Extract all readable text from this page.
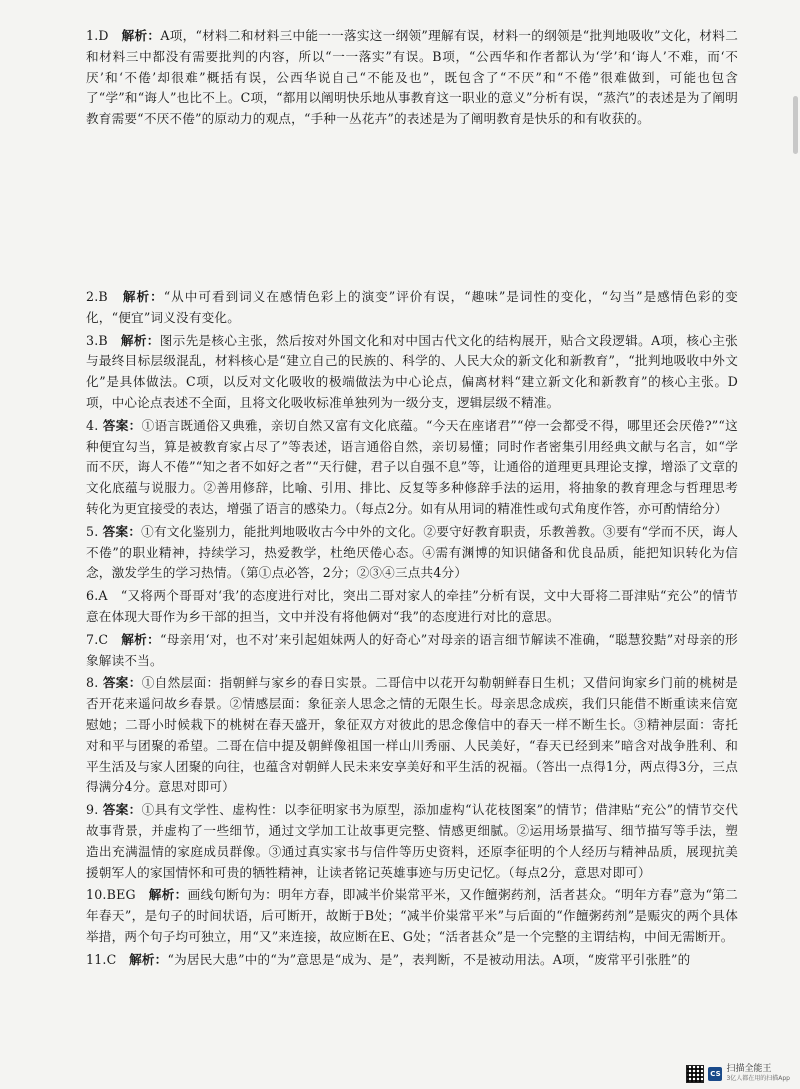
1.D 解析：A项，“材料二和材料三中能一一落实这一纲领”理解有误，材料一的纲领是“批判地吸收”文化，材料二和材料三中都没有需要批判的内容，所以“一一落实”有误。B项，“公西华和作者都认为‘学’和‘诲人’不难，而‘不厌’和‘不倦’却很难”概括有误，公西华说自己“不能及也”，既包含了“不厌”和“不倦”很难做到，可能也包含了“学”和“诲人”也比不上。C项，“都用以阐明快乐地从事教育这一职业的意义”分析有误，“蒸汽”的表述是为了阐明教育需要“不厌不倦”的原动力的观点，“手种一丛花卉”的表述是为了阐明教育是快乐的和有收获的。
2.B 解析：“从中可看到词义在感情色彩上的演变”评价有误，“趣味”是词性的变化，“勾当”是感情色彩的变化，“便宜”词义没有变化。
3.B 解析：图示先是核心主张，然后按对外国文化和对中国古代文化的结构展开，贴合文段逻辑。A项，核心主张与最终目标层级混乱，材料核心是“建立自己的民族的、科学的、人民大众的新文化和新教育”，“批判地吸收中外文化”是具体做法。C项，以反对文化吸收的极端做法为中心论点，偏离材料“建立新文化和新教育”的核心主张。D项，中心论点表述不全面，且将文化吸收标准单独列为一级分支，逻辑层级不精准。
4. 答案：①语言既通俗又典雅，亲切自然又富有文化底蕴。“今天在座诸君”“停一会都受不得，哪里还会厌倦?”“这种便宜勾当，算是被教育家占尽了”等表述，语言通俗自然，亲切易懂；同时作者密集引用经典文献与名言，如“学而不厌，诲人不倦”“知之者不如好之者”“天行健，君子以自强不息”等，让通俗的道理更具理论支撑，增添了文章的文化底蕴与说服力。②善用修辞，比喻、引用、排比、反复等多种修辞手法的运用，将抽象的教育理念与哲理思考转化为更宜接受的表达，增强了语言的感染力。（每点2分。如有从用词的精准性或句式角度作答，亦可酌情给分）
5. 答案：①有文化鉴别力，能批判地吸收古今中外的文化。②要守好教育职责，乐教善教。③要有“学而不厌，诲人不倦”的职业精神，持续学习，热爱教学，杜绝厌倦心态。④需有渊博的知识储备和优良品质，能把知识转化为信念，激发学生的学习热情。（第①点必答，2分；②③④三点共4分）
6.A “又将两个哥哥对‘我’的态度进行对比，突出二哥对家人的牵挂”分析有误，文中大哥将二哥津贴“充公”的情节意在体现大哥作为乡干部的担当，文中并没有将他俩对“我”的态度进行对比的意思。
7.C 解析：“母亲用‘对，也不对’来引起姐妹两人的好奇心”对母亲的语言细节解读不准确，“聪慧狡黠”对母亲的形象解读不当。
8. 答案：①自然层面：指朝鲜与家乡的春日实景。二哥信中以花开勾勒朝鲜春日生机；又借问询家乡门前的桃树是否开花来遥问故乡春景。②情感层面：象征亲人思念之情的无限生长。母亲思念成疾，我们只能借不断重读来信宽慰她；二哥小时候栽下的桃树在春天盛开，象征双方对彼此的思念像信中的春天一样不断生长。③精神层面：寄托对和平与团聚的希望。二哥在信中提及朝鲜像祖国一样山川秀丽、人民美好，“春天已经到来”暗含对战争胜利、和平生活及与家人团聚的向往，也蕴含对朝鲜人民未来安享美好和平生活的祝福。（答出一点得1分，两点得3分，三点得满分4分。意思对即可）
9. 答案：①具有文学性、虚构性：以李征明家书为原型，添加虚构“认花枝图案”的情节；借津贴“充公”的情节交代故事背景，并虚构了一些细节，通过文学加工让故事更完整、情感更细腻。②运用场景描写、细节描写等手法，塑造出充满温情的家庭成员群像。③通过真实家书与信件等历史资料，还原李征明的个人经历与精神品质，展现抗美援朝军人的家国情怀和可贵的牺牲精神，让读者铭记英雄事迹与历史记忆。（每点2分，意思对即可）
10.BEG 解析：画线句断句为：明年方春，即减半价粜常平米，又作饘粥药剂，活者甚众。“明年方春”意为“第二年春天”，是句子的时间状语，后可断开，故断于B处；“减半价粜常平米”与后面的“作饘粥药剂”是赈灾的两个具体举措，两个句子均可独立，用“又”来连接，故应断在E、G处；“活者甚众”是一个完整的主谓结构，中间无需断开。
11.C 解析：“为居民大患”中的“为”意思是“成为、是”，表判断，不是被动用法。A项，“废常平引张胜”的
CS 扫描全能王
3亿人都在用的扫描App
